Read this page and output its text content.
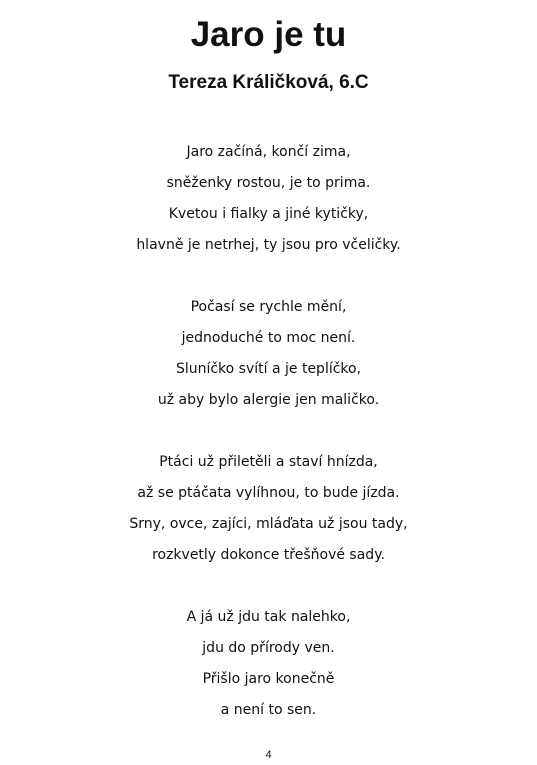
Jaro je tu
Tereza Králičková, 6.C
Jaro začíná, končí zima,
sněženky rostou, je to prima.
Kvetou i fialky a jiné kytičky,
hlavně je netrhej, ty jsou pro včeličky.
Počasí se rychle mění,
jednoduché to moc není.
Sluníčko svítí a je teplíčko,
už aby bylo alergie jen maličko.
Ptáci už přiletěli a staví hnízda,
až se ptáčata vylíhnou, to bude jízda.
Srny, ovce, zajíci, mláďata už jsou tady,
rozkvetly dokonce třešňové sady.
A já už jdu tak nalehko,
jdu do přírody ven.
Přišlo jaro konečně
a není to sen.
4
